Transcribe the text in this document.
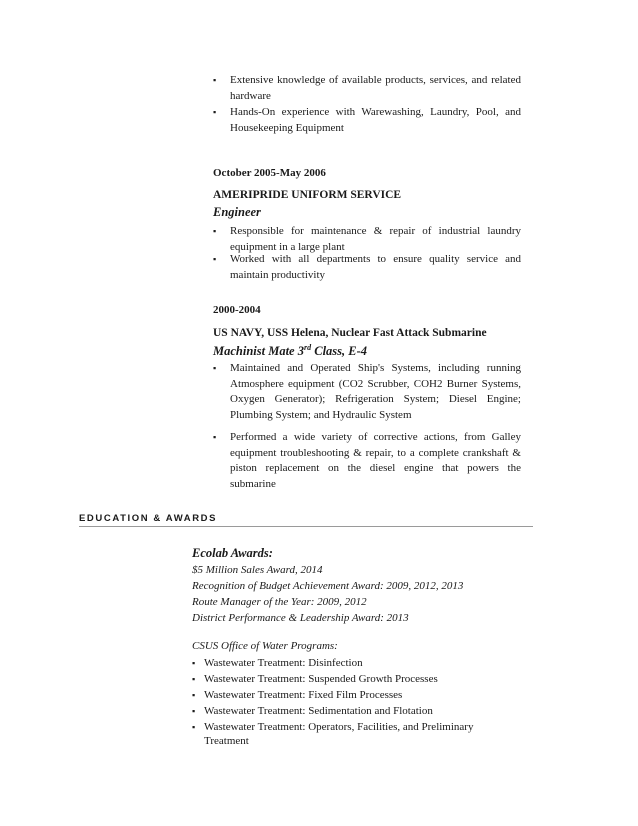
▪ Extensive knowledge of available products, services, and related hardware
▪ Hands-On experience with Warewashing, Laundry, Pool, and Housekeeping Equipment
October 2005-May 2006
AMERIPRIDE UNIFORM SERVICE
Engineer
▪ Responsible for maintenance & repair of industrial laundry equipment in a large plant
▪ Worked with all departments to ensure quality service and maintain productivity
2000-2004
US NAVY, USS Helena, Nuclear Fast Attack Submarine
Machinist Mate 3rd Class, E-4
▪ Maintained and Operated Ship's Systems, including running Atmosphere equipment (CO2 Scrubber, COH2 Burner Systems, Oxygen Generator); Refrigeration System; Diesel Engine; Plumbing System; and Hydraulic System
▪ Performed a wide variety of corrective actions, from Galley equipment troubleshooting & repair, to a complete crankshaft & piston replacement on the diesel engine that powers the submarine
EDUCATION & AWARDS
Ecolab Awards:
$5 Million Sales Award, 2014
Recognition of Budget Achievement Award: 2009, 2012, 2013
Route Manager of the Year: 2009, 2012
District Performance & Leadership Award: 2013
CSUS Office of Water Programs:
▪ Wastewater Treatment: Disinfection
▪ Wastewater Treatment: Suspended Growth Processes
▪ Wastewater Treatment: Fixed Film Processes
▪ Wastewater Treatment: Sedimentation and Flotation
▪ Wastewater Treatment: Operators, Facilities, and Preliminary Treatment
